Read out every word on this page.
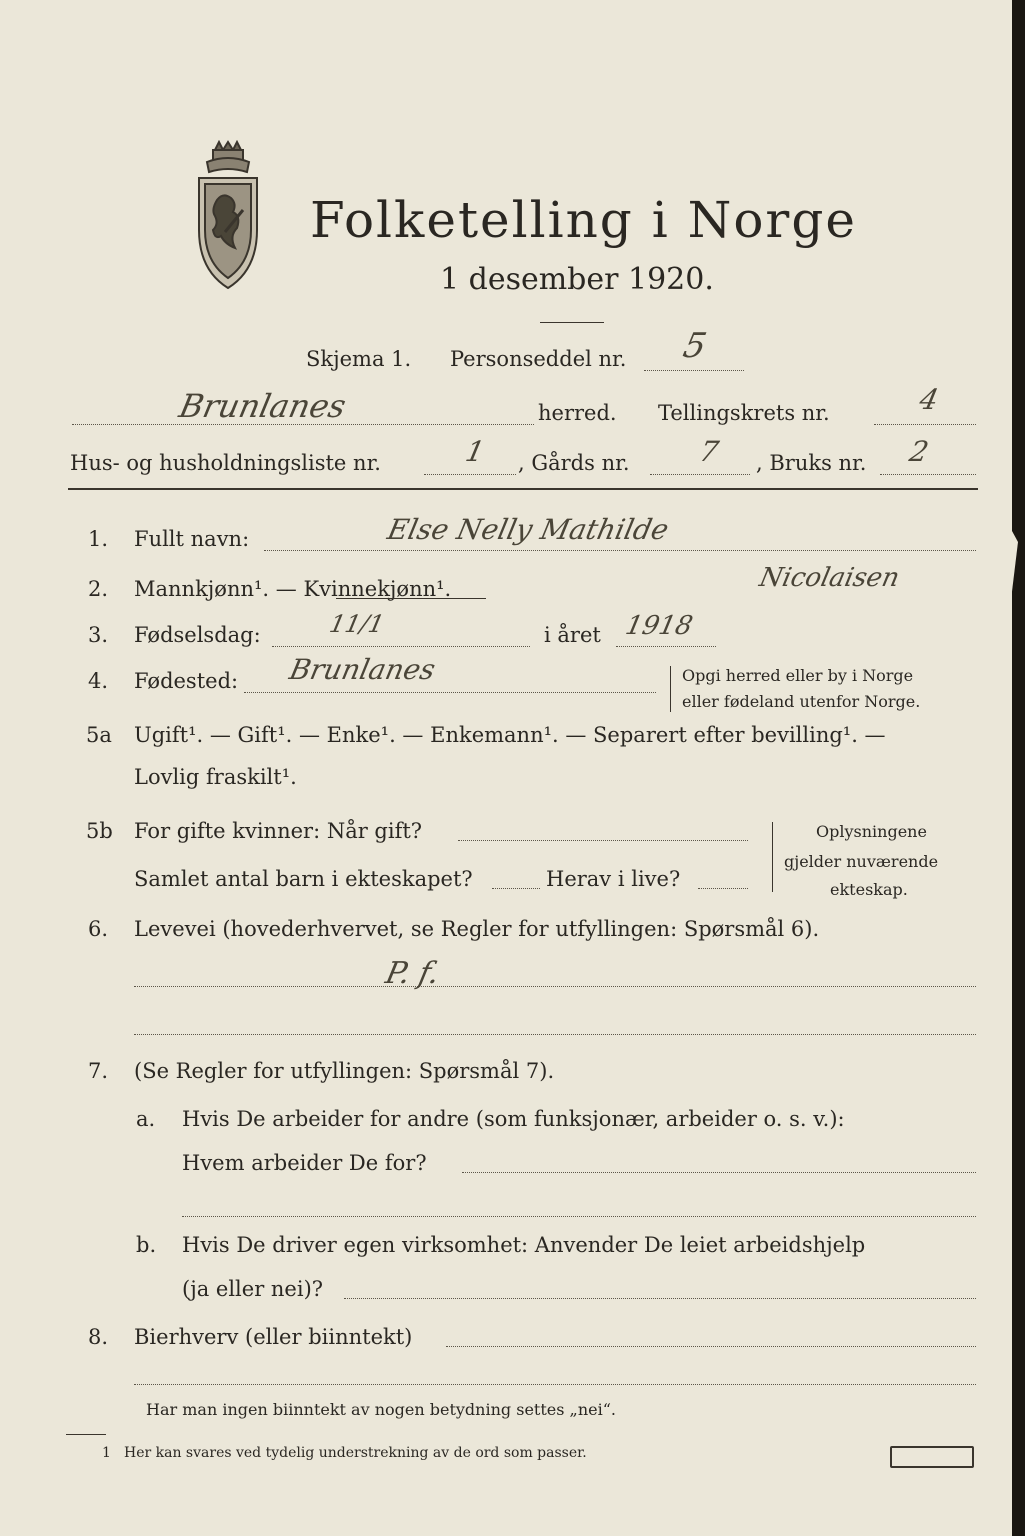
Folketelling i Norge
1 desember 1920.
Skjema 1. Personseddel nr. 5
Brunlanes	herred. Tellingskrets nr.	4
Hus- og husholdningsliste nr.	1 , Gårds nr. 7 , Bruks nr. 2
1. Fullt navn:	Else Nelly Mathilde
2. Mannkjønn¹. — Kvinnekjønn¹.	Nicolaisen
3. Fødselsdag:	11/1	i året 1918
4. Fødested: Brunlanes	Opgi herred eller by i Norge
eller fødeland utenfor Norge.
5a Ugift¹. — Gift¹. — Enke¹. — Enkemann¹. — Separert efter bevilling¹. —
Lovlig fraskilt¹.
5b For gifte kvinner: Når gift?
Samlet antal barn i ekteskapet?	Herav i live?
Oplysningene
gjelder nuværende
ekteskap.
6. Levevei (hovederhvervet, se Regler for utfyllingen: Spørsmål 6).
P. f.
7. (Se Regler for utfyllingen: Spørsmål 7).
a. Hvis De arbeider for andre (som funksjonær, arbeider o. s. v.):
Hvem arbeider De for?
b. Hvis De driver egen virksomhet: Anvender De leiet arbeidshjelp
(ja eller nei)?
8. Bierhverv (eller biinntekt)
Har man ingen biinntekt av nogen betydning settes „nei“.
1 Her kan svares ved tydelig understrekning av de ord som passer.
